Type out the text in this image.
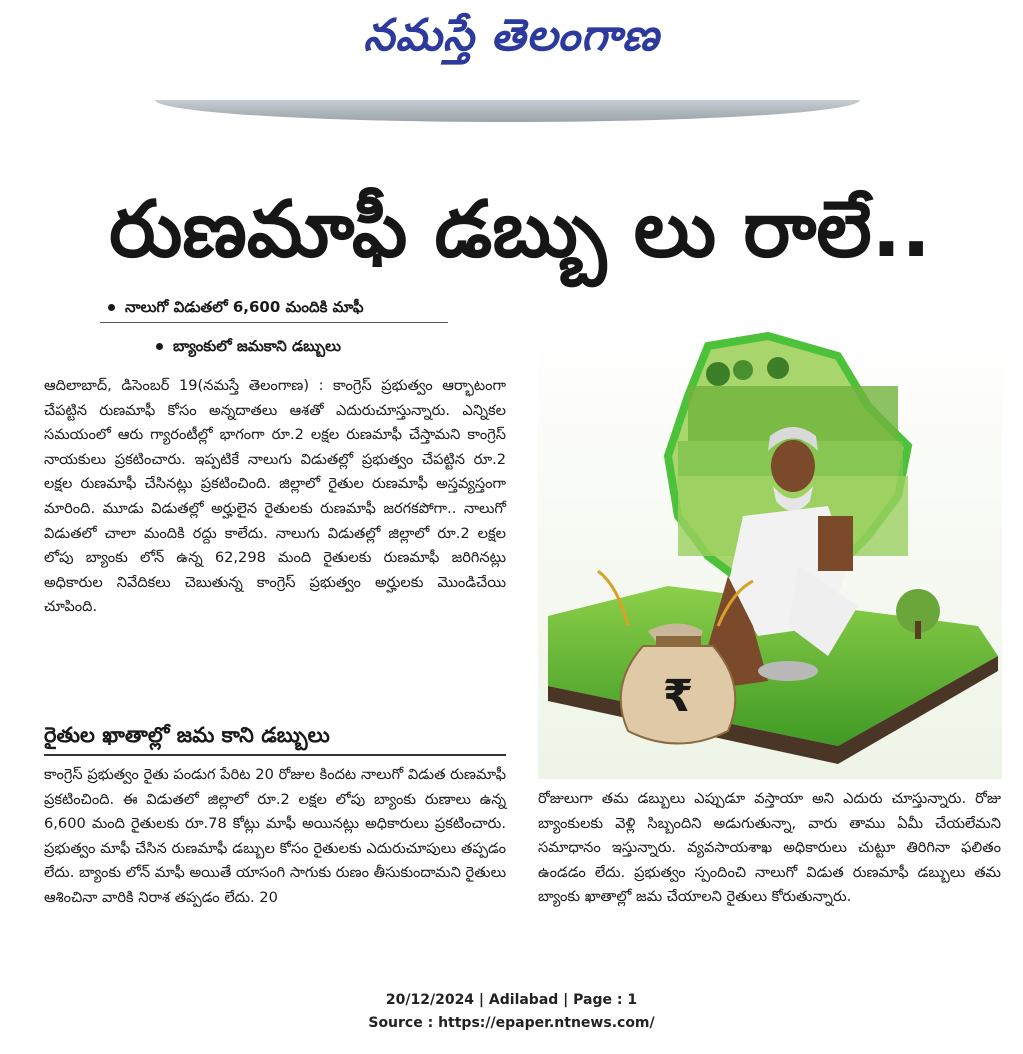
నమస్తే తెలంగాణ
రుణమాఫీ డబ్బు లు రాలే..
నాలుగో విడుతలో 6,600 మందికి మాఫీ
బ్యాంకులో జమకాని డబ్బులు
ఆదిలాబాద్, డిసెంబర్ 19(నమస్తే తెలంగాణ) : కాంగ్రెస్ ప్రభుత్వం ఆర్భాటంగా చేపట్టిన రుణమాఫీ కోసం అన్నదాతలు ఆశతో ఎదురుచూస్తున్నారు. ఎన్నికల సమయంలో ఆరు గ్యారంటీల్లో భాగంగా రూ.2 లక్షల రుణమాఫీ చేస్తామని కాంగ్రెస్ నాయకులు ప్రకటించారు. ఇప్పటికే నాలుగు విడుతల్లో ప్రభుత్వం చేపట్టిన రూ.2 లక్షల రుణమాఫీ చేసినట్లు ప్రకటించింది. జిల్లాలో రైతుల రుణమాఫీ అస్తవ్యస్తంగా మారింది. మూడు విడుతల్లో అర్హులైన రైతులకు రుణమాఫీ జరగకపోగా.. నాలుగో విడుతలో చాలా మందికి రద్దు కాలేదు. నాలుగు విడుతల్లో జిల్లాలో రూ.2 లక్షల లోపు బ్యాంకు లోన్ ఉన్న 62,298 మంది రైతులకు రుణమాఫీ జరిగినట్లు అధికారుల నివేదికలు చెబుతున్న కాంగ్రెస్ ప్రభుత్వం అర్హులకు మొండిచేయి చూపింది.
రైతుల ఖాతాల్లో జమ కాని డబ్బులు
కాంగ్రెస్ ప్రభుత్వం రైతు పండుగ పేరిట 20 రోజుల కిందట నాలుగో విడుత రుణమాఫీ ప్రకటించింది. ఈ విడుతలో జిల్లాలో రూ.2 లక్షల లోపు బ్యాంకు రుణాలు ఉన్న 6,600 మంది రైతులకు రూ.78 కోట్లు మాఫీ అయినట్లు అధికారులు ప్రకటించారు. ప్రభుత్వం మాఫీ చేసిన రుణమాఫీ డబ్బుల కోసం రైతులకు ఎదురుచూపులు తప్పడం లేదు. బ్యాంకు లోన్ మాఫీ అయితే యాసంగి సాగుకు రుణం తీసుకుందామని రైతులు ఆశించినా వారికి నిరాశ తప్పడం లేదు. 20
₹
రోజులుగా తమ డబ్బులు ఎప్పుడూ వస్తాయా అని ఎదురు చూస్తున్నారు. రోజు బ్యాంకులకు వెళ్లి సిబ్బందిని అడుగుతున్నా, వారు తాము ఏమీ చేయలేమని సమాధానం ఇస్తున్నారు. వ్యవసాయశాఖ అధికారులు చుట్టూ తిరిగినా ఫలితం ఉండడం లేదు. ప్రభుత్వం స్పందించి నాలుగో విడుత రుణమాఫీ డబ్బులు తమ బ్యాంకు ఖాతాల్లో జమ చేయాలని రైతులు కోరుతున్నారు.
20/12/2024 | Adilabad | Page : 1
Source : https://epaper.ntnews.com/
